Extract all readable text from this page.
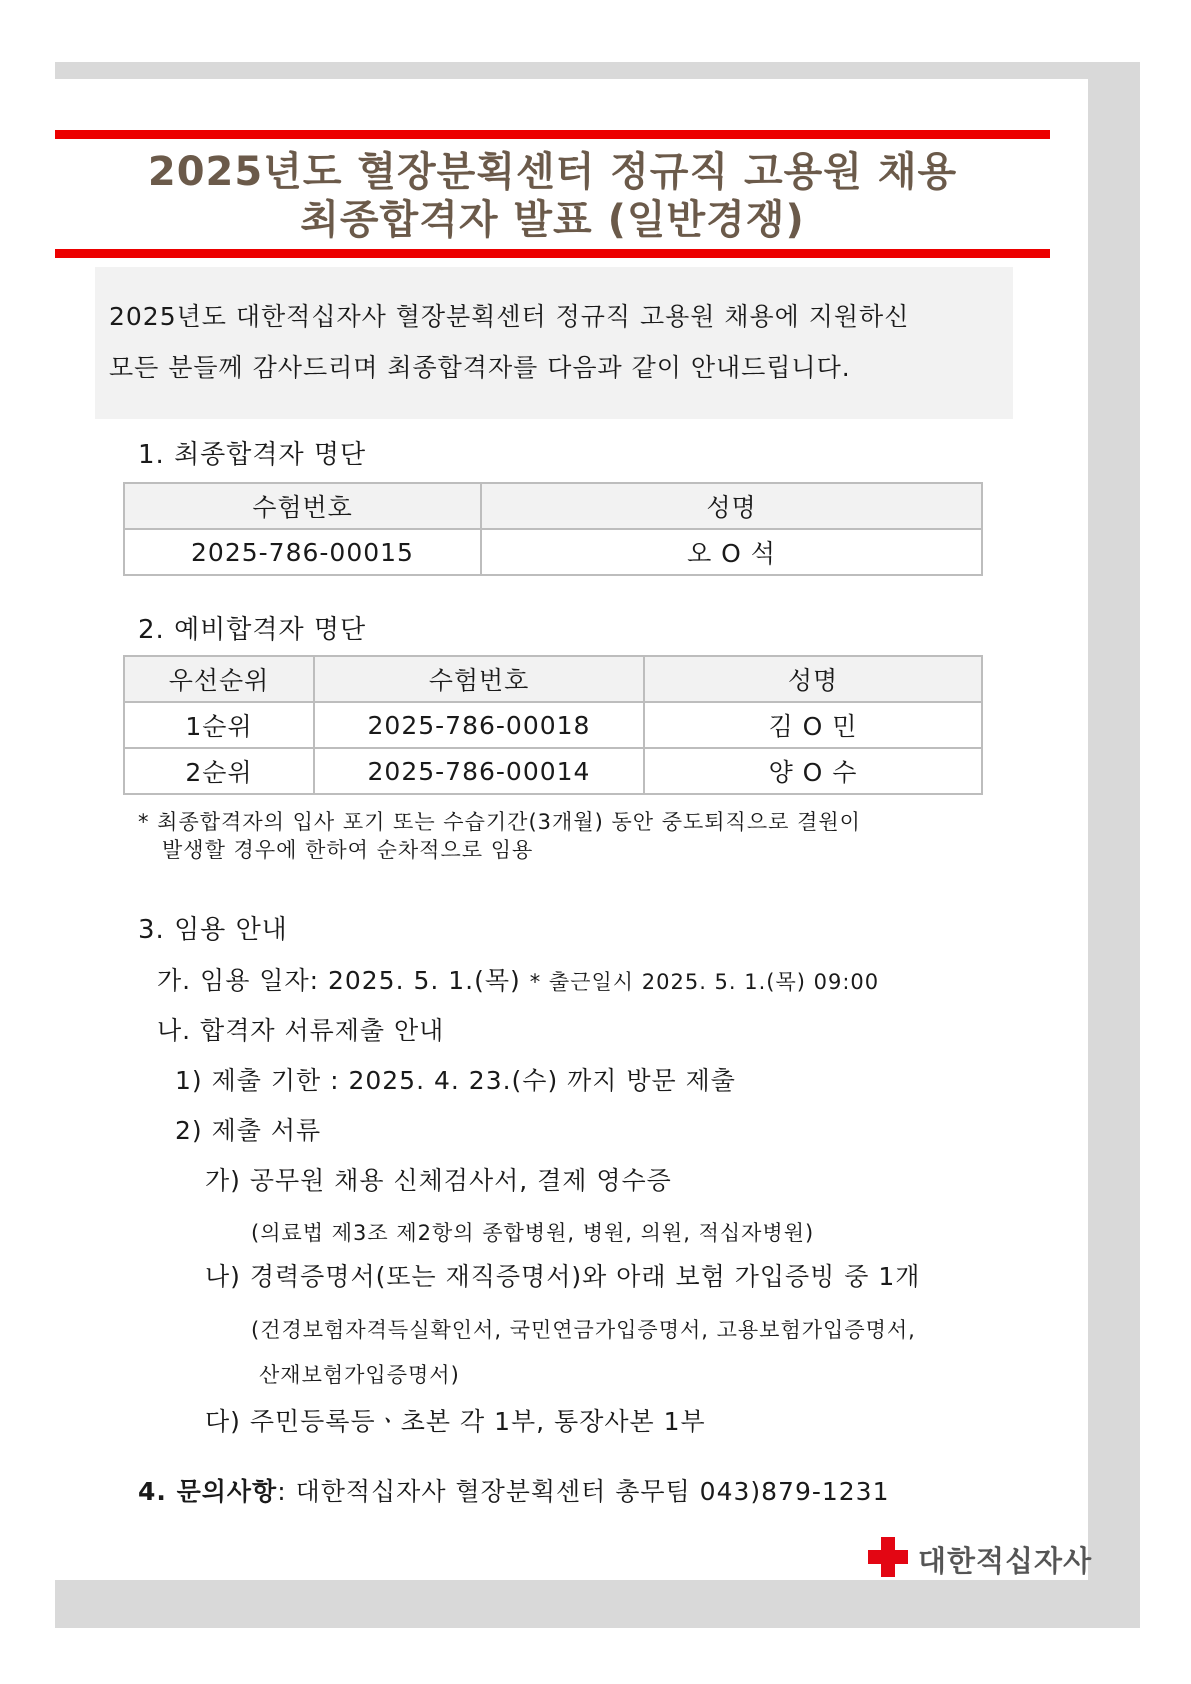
2025년도 혈장분획센터 정규직 고용원 채용
최종합격자 발표 (일반경쟁)

2025년도 대한적십자사 혈장분획센터 정규직 고용원 채용에 지원하신

모든 분들께 감사드리며 최종합격자를 다음과 같이 안내드립니다.

1. 최종합격자 명단
수험번호	성명
2025-786-00015	오 O 석
2. 예비합격자 명단
우선순위	수험번호	성명
1순위	2025-786-00018	김 O 민
2순위	2025-786-00014	양 O 수
* 최종합격자의 입사 포기 또는 수습기간(3개월) 동안 중도퇴직으로 결원이
발생할 경우에 한하여 순차적으로 임용
3. 임용 안내
가. 임용 일자: 2025. 5. 1.(목) * 출근일시 2025. 5. 1.(목) 09:00
나. 합격자 서류제출 안내
1) 제출 기한 : 2025. 4. 23.(수) 까지 방문 제출
2) 제출 서류
가) 공무원 채용 신체검사서, 결제 영수증
(의료법 제3조 제2항의 종합병원, 병원, 의원, 적십자병원)
나) 경력증명서(또는 재직증명서)와 아래 보험 가입증빙 중 1개
(건경보험자격득실확인서, 국민연금가입증명서, 고용보험가입증명서,
산재보험가입증명서)
다) 주민등록등ㆍ초본 각 1부, 통장사본 1부
4. 문의사항: 대한적십자사 혈장분획센터 총무팀 043)879-1231
대한적십자사
